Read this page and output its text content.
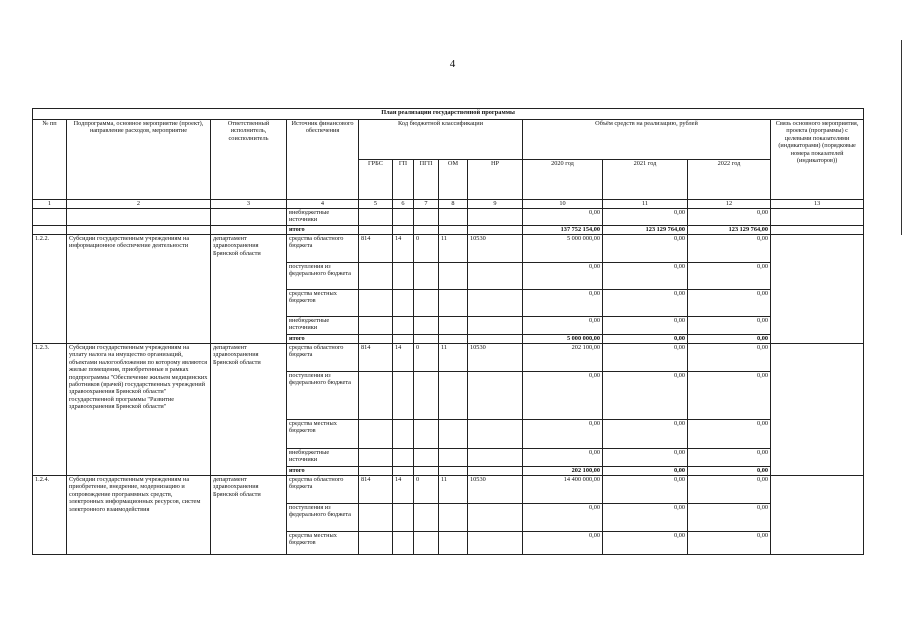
4
План реализации государственной программы												
№ пп	Подпрограмма, основное мероприятие (проект), направление расходов, мероприятие	Ответственный исполнитель, соисполнитель	Источник финансового обеспечения	Код бюджетной классификации					Объём средств на реализацию, рублей			Связь основного мероприятия, проекта (программы) с целевыми показателями (индикаторами) (порядковые номера показателей (индикаторов))
				ГРБС	ГП	ПГП	ОМ	НР	2020 год	2021 год	2022 год	
1	2	3	4	5	6	7	8	9	10	11	12	13
			внебюджетные источники						0,00	0,00	0,00	
			итого						137 752 154,00	123 129 764,00	123 129 764,00	
1.2.2.	Субсидии государственным учреждениям на информационное обеспечение деятельности	департамент здравоохранения Брянской области	средства областного бюджета	814	14	0	11	10530	5 000 000,00	0,00	0,00	
			поступления из федерального бюджета						0,00	0,00	0,00	
			средства местных бюджетов						0,00	0,00	0,00	
			внебюджетные источники						0,00	0,00	0,00	
			итого						5 000 000,00	0,00	0,00	
1.2.3.	Субсидии государственным учреждениям на уплату налога на имущество организаций, объектами налогообложения по которому являются жилые помещения, приобретенные в рамках подпрограммы "Обеспечение жильем медицинских работников (врачей) государственных учреждений здравоохранения Брянской области" государственной программы "Развитие здравоохранения Брянской области"	департамент здравоохранения Брянской области	средства областного бюджета	814	14	0	11	10530	202 100,00	0,00	0,00	
			поступления из федерального бюджета						0,00	0,00	0,00	
			средства местных бюджетов						0,00	0,00	0,00	
			внебюджетные источники						0,00	0,00	0,00	
			итого						202 100,00	0,00	0,00	
1.2.4.	Субсидии государственным учреждениям на приобретение, внедрение, модернизацию и сопровождение программных средств, электронных информационных ресурсов, систем электронного взаимодействия	департамент здравоохранения Брянской области	средства областного бюджета	814	14	0	11	10530	14 400 000,00	0,00	0,00	
			поступления из федерального бюджета						0,00	0,00	0,00	
			средства местных бюджетов						0,00	0,00	0,00	
